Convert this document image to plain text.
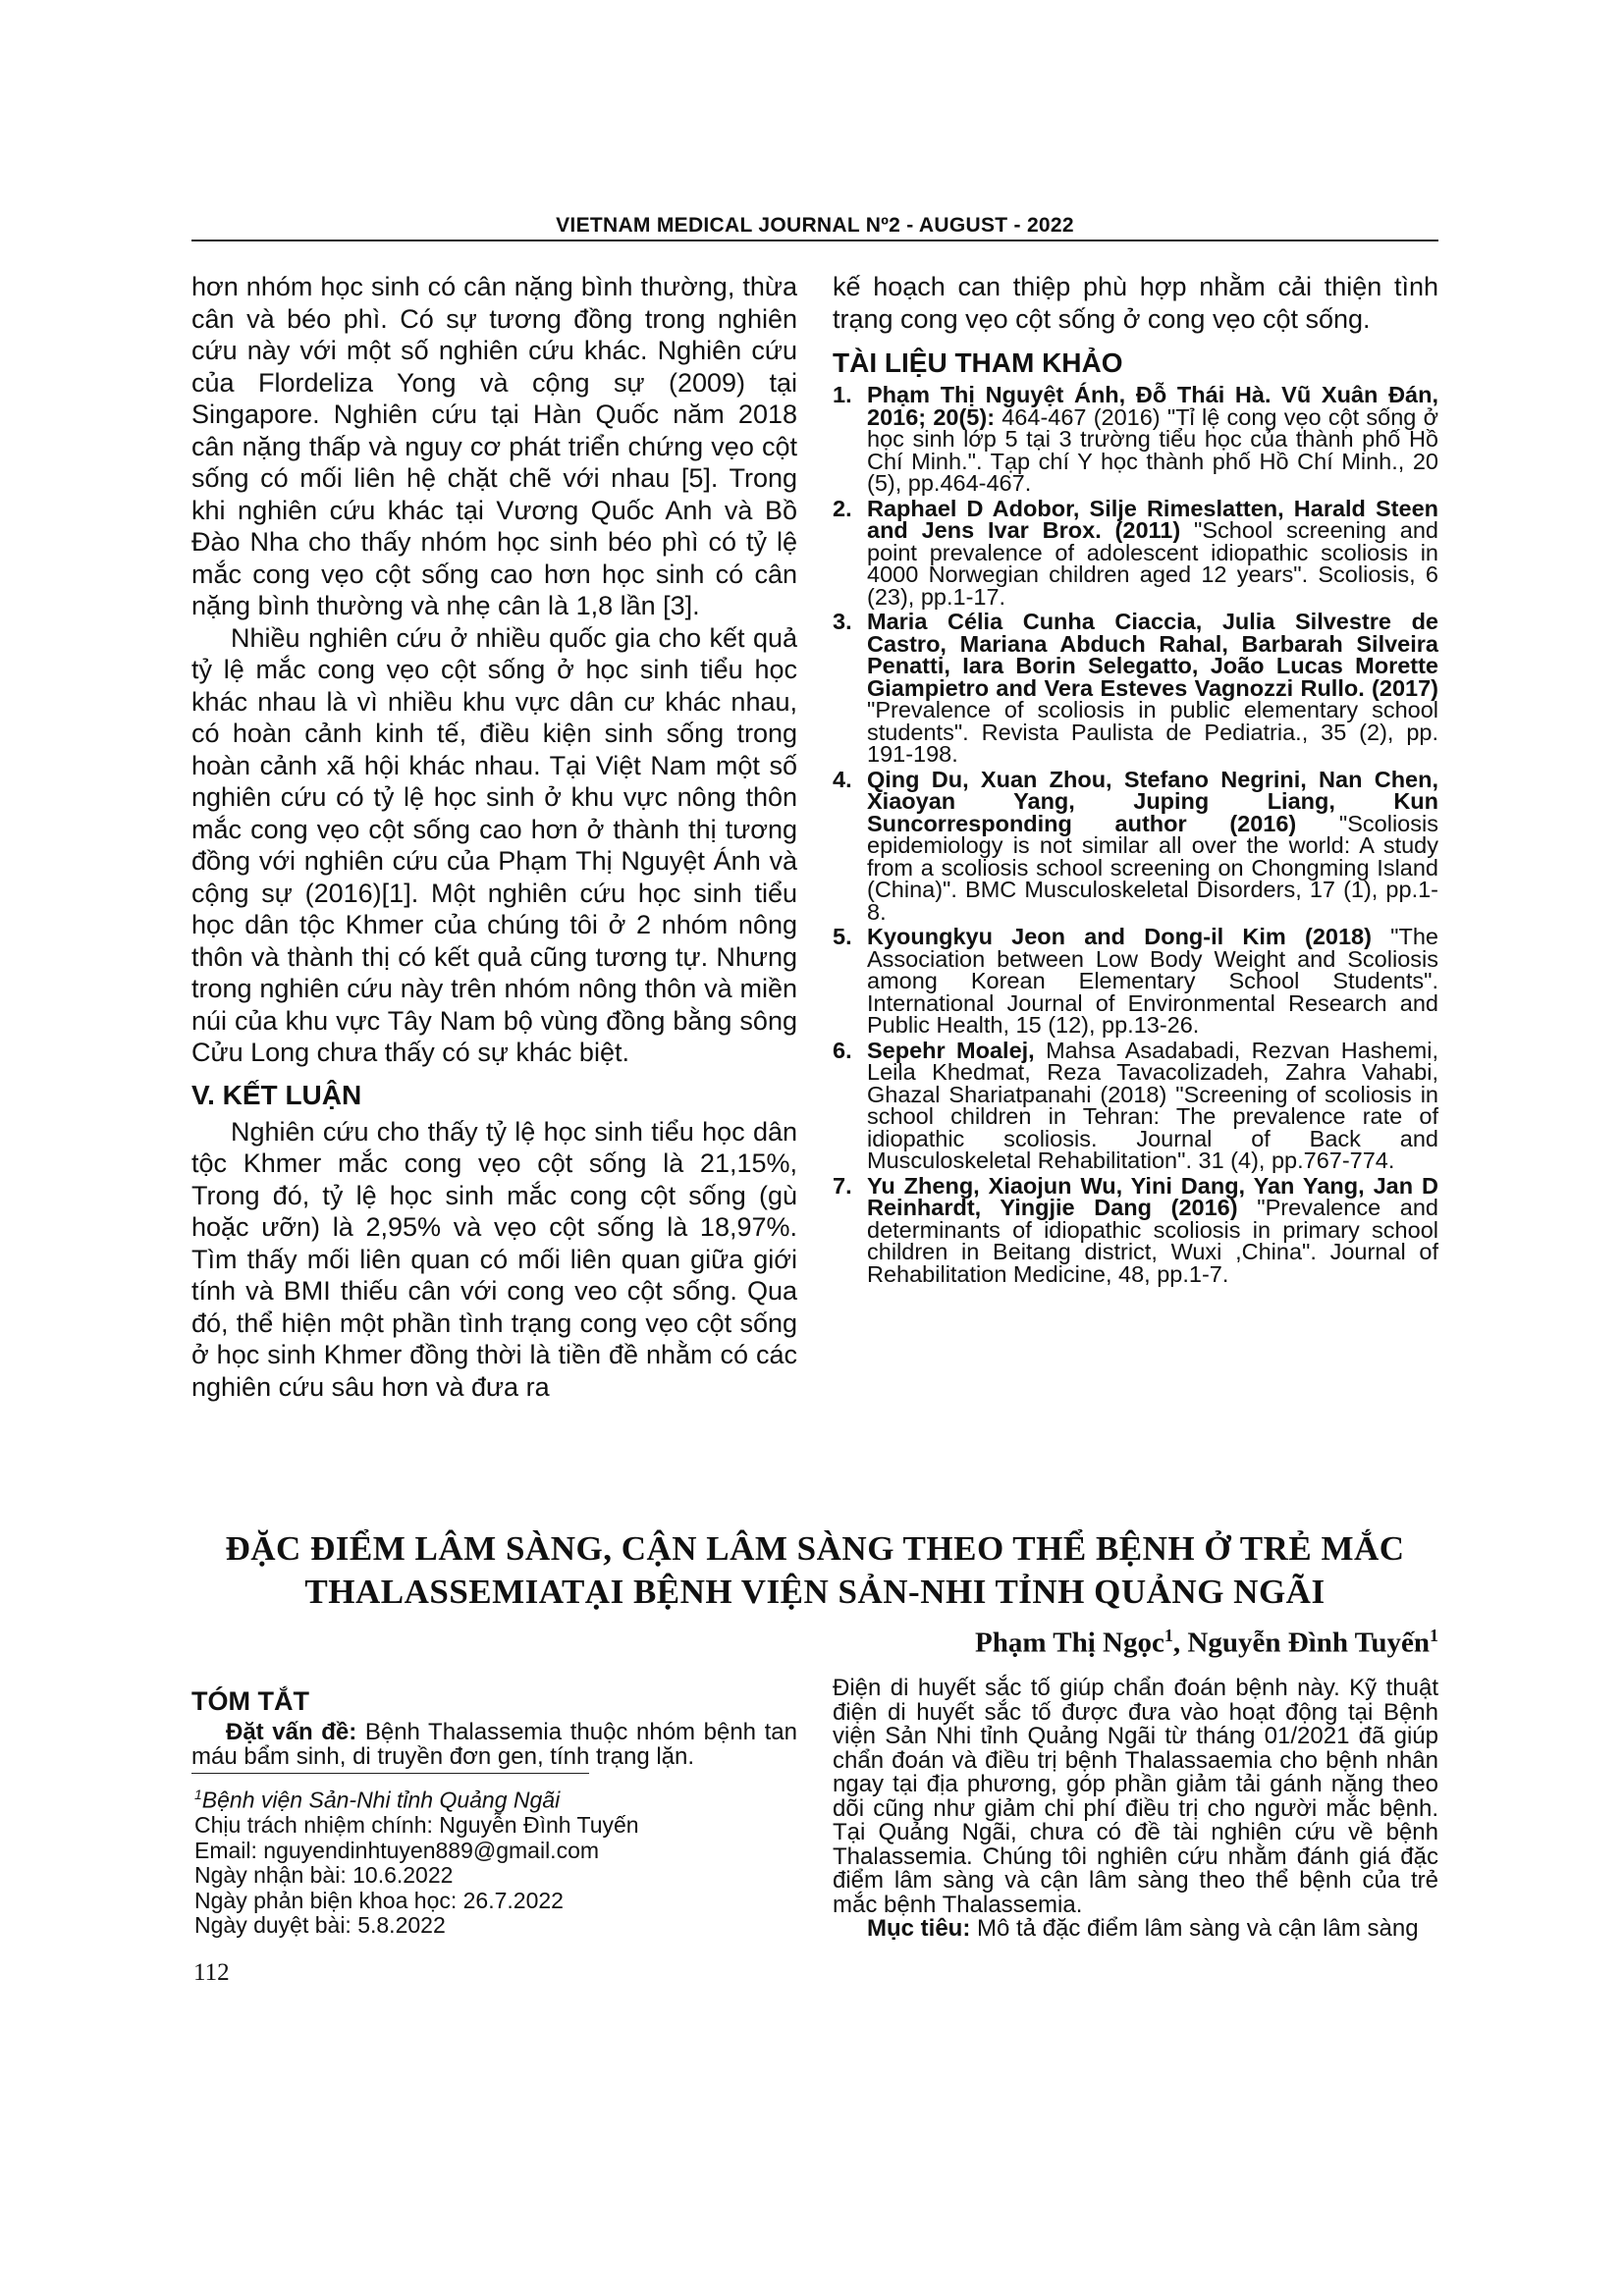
VIETNAM MEDICAL JOURNAL Nº2 - AUGUST - 2022

hơn nhóm học sinh có cân nặng bình thường, thừa cân và béo phì. Có sự tương đồng trong nghiên cứu này với một số nghiên cứu khác. Nghiên cứu của Flordeliza Yong và cộng sự (2009) tại Singapore. Nghiên cứu tại Hàn Quốc năm 2018 cân nặng thấp và nguy cơ phát triển chứng vẹo cột sống có mối liên hệ chặt chẽ với nhau [5]. Trong khi nghiên cứu khác tại Vương Quốc Anh và Bồ Đào Nha cho thấy nhóm học sinh béo phì có tỷ lệ mắc cong vẹo cột sống cao hơn học sinh có cân nặng bình thường và nhẹ cân là 1,8 lần [3].

Nhiều nghiên cứu ở nhiều quốc gia cho kết quả tỷ lệ mắc cong vẹo cột sống ở học sinh tiểu học khác nhau là vì nhiều khu vực dân cư khác nhau, có hoàn cảnh kinh tế, điều kiện sinh sống trong hoàn cảnh xã hội khác nhau. Tại Việt Nam một số nghiên cứu có tỷ lệ học sinh ở khu vực nông thôn mắc cong vẹo cột sống cao hơn ở thành thị tương đồng với nghiên cứu của Phạm Thị Nguyệt Ánh và cộng sự (2016)[1]. Một nghiên cứu học sinh tiểu học dân tộc Khmer của chúng tôi ở 2 nhóm nông thôn và thành thị có kết quả cũng tương tự. Nhưng trong nghiên cứu này trên nhóm nông thôn và miền núi của khu vực Tây Nam bộ vùng đồng bằng sông Cửu Long chưa thấy có sự khác biệt.

V. KẾT LUẬN

Nghiên cứu cho thấy tỷ lệ học sinh tiểu học dân tộc Khmer mắc cong vẹo cột sống là 21,15%, Trong đó, tỷ lệ học sinh mắc cong cột sống (gù hoặc ưỡn) là 2,95% và vẹo cột sống là 18,97%. Tìm thấy mối liên quan có mối liên quan giữa giới tính và BMI thiếu cân với cong veo cột sống. Qua đó, thể hiện một phần tình trạng cong vẹo cột sống ở học sinh Khmer đồng thời là tiền đề nhằm có các nghiên cứu sâu hơn và đưa ra

kế hoạch can thiệp phù hợp nhằm cải thiện tình trạng cong vẹo cột sống ở cong vẹo cột sống.

TÀI LIỆU THAM KHẢO
1. Phạm Thị Nguyệt Ánh, Đỗ Thái Hà. Vũ Xuân Đán, 2016; 20(5): 464-467 (2016) "Tỉ lệ cong vẹo cột sống ở học sinh lớp 5 tại 3 trường tiểu học của thành phố Hồ Chí Minh.". Tạp chí Y học thành phố Hồ Chí Minh., 20 (5), pp.464-467.
2. Raphael D Adobor, Silje Rimeslatten, Harald Steen and Jens Ivar Brox. (2011) "School screening and point prevalence of adolescent idiopathic scoliosis in 4000 Norwegian children aged 12 years". Scoliosis, 6 (23), pp.1-17.
3. Maria Célia Cunha Ciaccia, Julia Silvestre de Castro, Mariana Abduch Rahal, Barbarah Silveira Penatti, Iara Borin Selegatto, João Lucas Morette Giampietro and Vera Esteves Vagnozzi Rullo. (2017) "Prevalence of scoliosis in public elementary school students". Revista Paulista de Pediatria., 35 (2), pp. 191-198.
4. Qing Du, Xuan Zhou, Stefano Negrini, Nan Chen, Xiaoyan Yang, Juping Liang, Kun Suncorresponding author (2016) "Scoliosis epidemiology is not similar all over the world: A study from a scoliosis school screening on Chongming Island (China)". BMC Musculoskeletal Disorders, 17 (1), pp.1-8.
5. Kyoungkyu Jeon and Dong-il Kim (2018) "The Association between Low Body Weight and Scoliosis among Korean Elementary School Students". International Journal of Environmental Research and Public Health, 15 (12), pp.13-26.
6. Sepehr Moalej, Mahsa Asadabadi, Rezvan Hashemi, Leila Khedmat, Reza Tavacolizadeh, Zahra Vahabi, Ghazal Shariatpanahi (2018) "Screening of scoliosis in school children in Tehran: The prevalence rate of idiopathic scoliosis. Journal of Back and Musculoskeletal Rehabilitation". 31 (4), pp.767-774.
7. Yu Zheng, Xiaojun Wu, Yini Dang, Yan Yang, Jan D Reinhardt, Yingjie Dang (2016) "Prevalence and determinants of idiopathic scoliosis in primary school children in Beitang district, Wuxi ,China". Journal of Rehabilitation Medicine, 48, pp.1-7.
ĐẶC ĐIỂM LÂM SÀNG, CẬN LÂM SÀNG THEO THỂ BỆNH Ở TRẺ MẮC
THALASSEMIATẠI BỆNH VIỆN SẢN-NHI TỈNH QUẢNG NGÃI
Phạm Thị Ngọc$^1$, Nguyễn Đình Tuyến$^1$
TÓM TẮT

Đặt vấn đề: Bệnh Thalassemia thuộc nhóm bệnh tan máu bẩm sinh, di truyền đơn gen, tính trạng lặn.

$^1$Bệnh viện Sản-Nhi tỉnh Quảng Ngãi
Chịu trách nhiệm chính: Nguyễn Đình Tuyến
Email: nguyendinhtuyen889@gmail.com
Ngày nhận bài: 10.6.2022
Ngày phản biện khoa học: 26.7.2022
Ngày duyệt bài: 5.8.2022

Điện di huyết sắc tố giúp chẩn đoán bệnh này. Kỹ thuật điện di huyết sắc tố được đưa vào hoạt động tại Bệnh viện Sản Nhi tỉnh Quảng Ngãi từ tháng 01/2021 đã giúp chẩn đoán và điều trị bệnh Thalassaemia cho bệnh nhân ngay tại địa phương, góp phần giảm tải gánh nặng theo dõi cũng như giảm chi phí điều trị cho người mắc bệnh. Tại Quảng Ngãi, chưa có đề tài nghiên cứu về bệnh Thalassemia. Chúng tôi nghiên cứu nhằm đánh giá đặc điểm lâm sàng và cận lâm sàng theo thể bệnh của trẻ mắc bệnh Thalassemia.

Mục tiêu: Mô tả đặc điểm lâm sàng và cận lâm sàng

112
